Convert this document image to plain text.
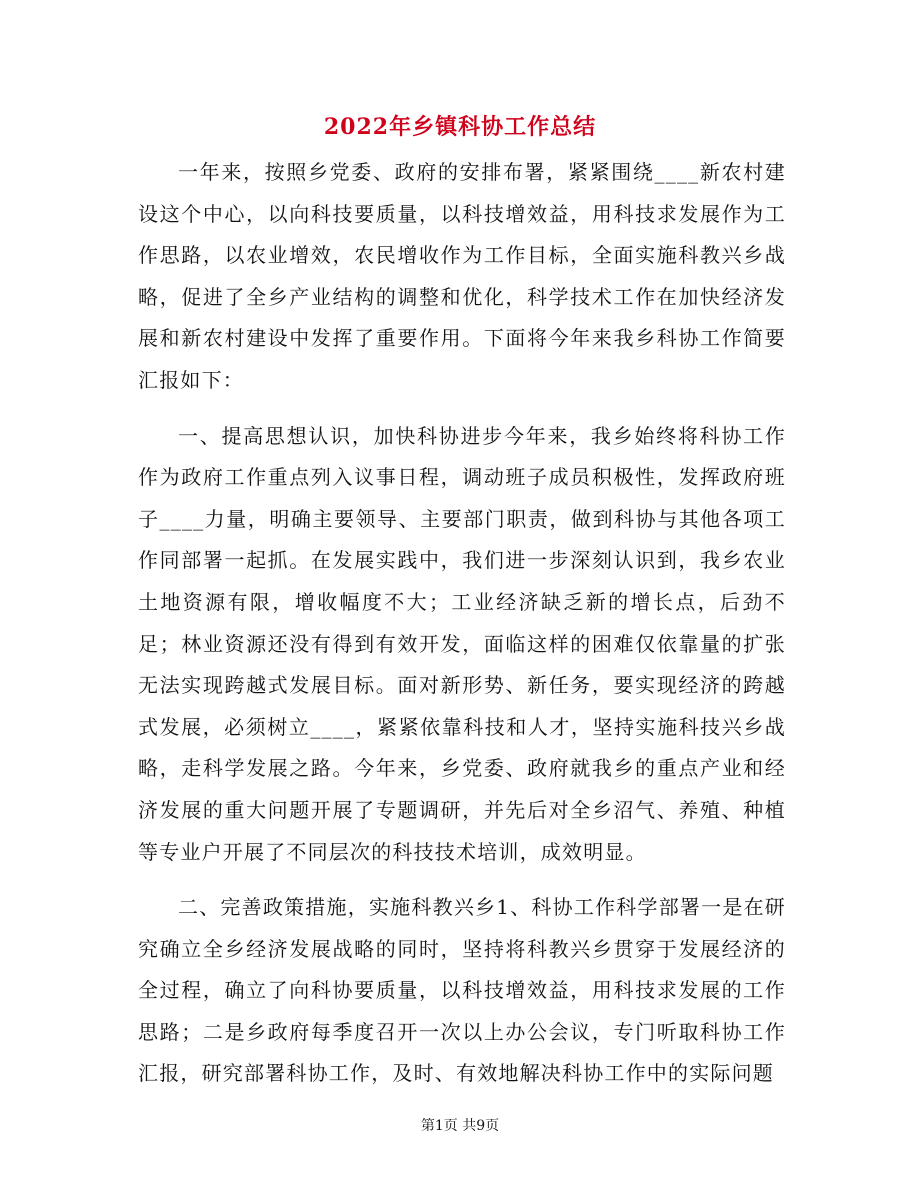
2022年乡镇科协工作总结

一年来，按照乡党委、政府的安排布署，紧紧围绕____新农村建设这个中心，以向科技要质量，以科技增效益，用科技求发展作为工作思路，以农业增效，农民增收作为工作目标，全面实施科教兴乡战略，促进了全乡产业结构的调整和优化，科学技术工作在加快经济发展和新农村建设中发挥了重要作用。下面将今年来我乡科协工作简要汇报如下：

一、提高思想认识，加快科协进步今年来，我乡始终将科协工作作为政府工作重点列入议事日程，调动班子成员积极性，发挥政府班子____力量，明确主要领导、主要部门职责，做到科协与其他各项工作同部署一起抓。在发展实践中，我们进一步深刻认识到，我乡农业土地资源有限，增收幅度不大；工业经济缺乏新的增长点，后劲不足；林业资源还没有得到有效开发，面临这样的困难仅依靠量的扩张无法实现跨越式发展目标。面对新形势、新任务，要实现经济的跨越式发展，必须树立____，紧紧依靠科技和人才，坚持实施科技兴乡战略，走科学发展之路。今年来，乡党委、政府就我乡的重点产业和经济发展的重大问题开展了专题调研，并先后对全乡沼气、养殖、种植等专业户开展了不同层次的科技技术培训，成效明显。

二、完善政策措施，实施科教兴乡1、科协工作科学部署一是在研究确立全乡经济发展战略的同时，坚持将科教兴乡贯穿于发展经济的全过程，确立了向科协要质量，以科技增效益，用科技求发展的工作思路；二是乡政府每季度召开一次以上办公会议，专门听取科协工作汇报，研究部署科协工作，及时、有效地解决科协工作中的实际问题

第1页 共9页
